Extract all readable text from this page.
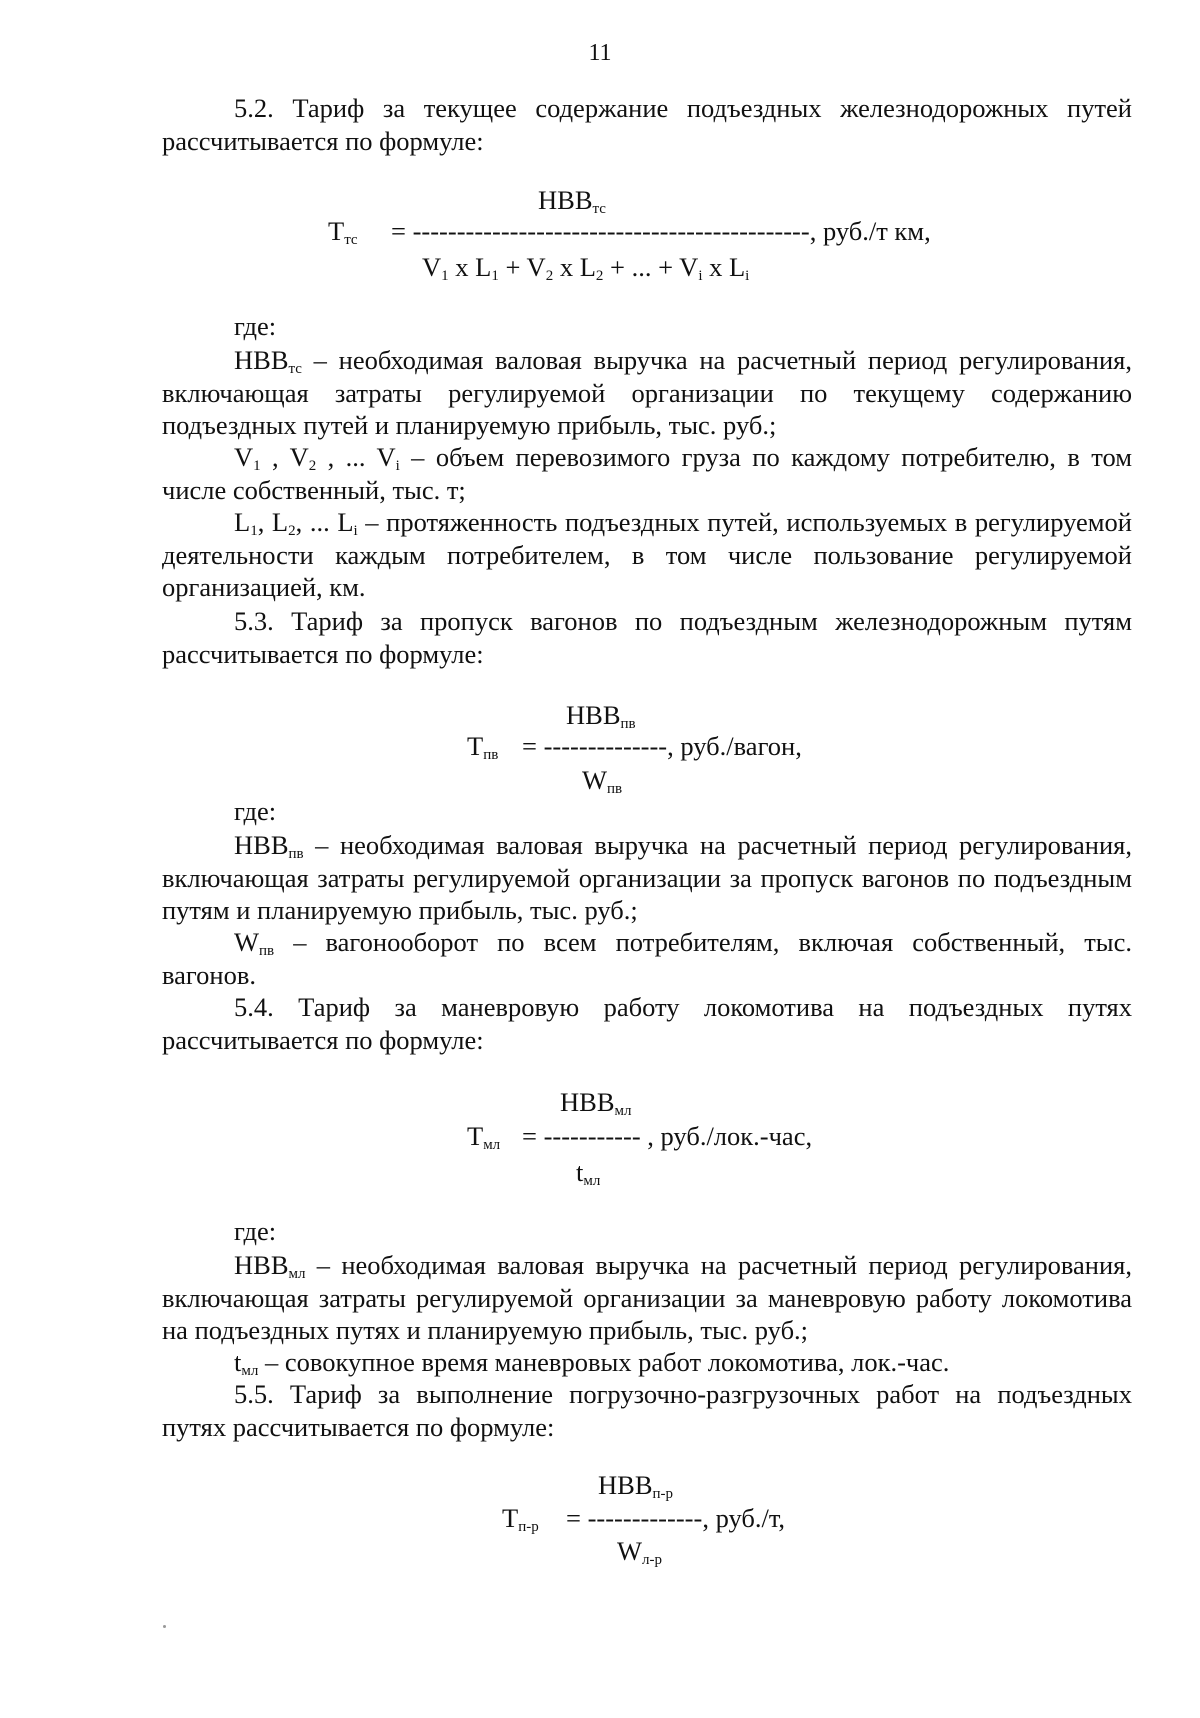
11

5.2. Тариф за текущее содержание подъездных железнодорожных путей рассчитывается по формуле:

$НВВ_{тс}$
$Т_{тс}$ = ---------------------------------------------, руб./т км,
$V_1$ х $L_1 + V_2$ х $L_2$ + ... + $V_i$ х $L_i$

где:

$НВВ_{тс}$ – необходимая валовая выручка на расчетный период регулирования, включающая затраты регулируемой организации по текущему содержанию подъездных путей и планируемую прибыль, тыс. руб.;

$V_1$ , $V_2$ , ... $V_i$ – объем перевозимого груза по каждому потребителю, в том числе собственный, тыс. т;

$L_1$, $L_2$, ... $L_i$ – протяженность подъездных путей, используемых в регулируемой деятельности каждым потребителем, в том числе пользование регулируемой организацией, км.

5.3. Тариф за пропуск вагонов по подъездным железнодорожным путям рассчитывается по формуле:

$НВВ_{пв}$
$Т_{пв}$ = --------------, руб./вагон,
$W_{пв}$

где:

$НВВ_{пв}$ – необходимая валовая выручка на расчетный период регулирования, включающая затраты регулируемой организации за пропуск вагонов по подъездным путям и планируемую прибыль, тыс. руб.;

$W_{пв}$ – вагонооборот по всем потребителям, включая собственный, тыс. вагонов.

5.4. Тариф за маневровую работу локомотива на подъездных путях рассчитывается по формуле:

$НВВ_{мл}$
$Т_{мл}$ = ----------- , руб./лок.-час,
$t_{мл}$

где:

$НВВ_{мл}$ – необходимая валовая выручка на расчетный период регулирования, включающая затраты регулируемой организации за маневровую работу локомотива на подъездных путях и планируемую прибыль, тыс. руб.;

$t_{мл}$ – совокупное время маневровых работ локомотива, лок.-час.

5.5. Тариф за выполнение погрузочно-разгрузочных работ на подъездных путях рассчитывается по формуле:

$НВВ_{п-р}$
$Т_{п-р}$ = -------------, руб./т,
$W_{л-р}$
